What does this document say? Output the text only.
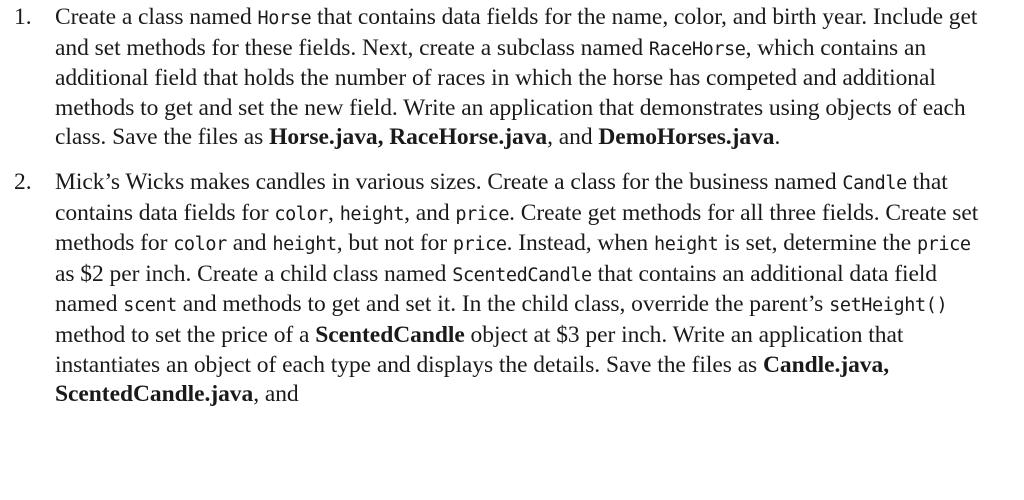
1. Create a class named Horse that contains data fields for the name, color, and birth year. Include get and set methods for these fields. Next, create a subclass named RaceHorse, which contains an additional field that holds the number of races in which the horse has competed and additional methods to get and set the new field. Write an application that demonstrates using objects of each class. Save the files as Horse.java, RaceHorse.java, and DemoHorses.java.

2. Mick’s Wicks makes candles in various sizes. Create a class for the business named Candle that contains data fields for color, height, and price. Create get methods for all three fields. Create set methods for color and height, but not for price. Instead, when height is set, determine the price as $2 per inch. Create a child class named ScentedCandle that contains an additional data field named scent and methods to get and set it. In the child class, override the parent’s setHeight() method to set the price of a ScentedCandle object at $3 per inch. Write an application that instantiates an object of each type and displays the details. Save the files as Candle.java, ScentedCandle.java, and
